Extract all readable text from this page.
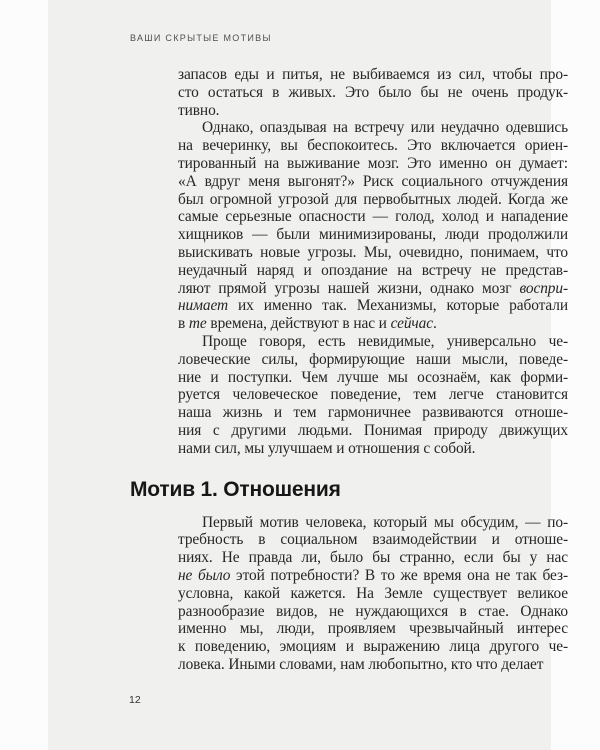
ВАШИ СКРЫТЫЕ МОТИВЫ
запасов еды и питья, не выбиваемся из сил, чтобы про-
сто остаться в живых. Это было бы не очень продук-
тивно.
Однако, опаздывая на встречу или неудачно одевшись
на вечеринку, вы беспокоитесь. Это включается ориен-
тированный на выживание мозг. Это именно он думает:
«А вдруг меня выгонят?» Риск социального отчуждения
был огромной угрозой для первобытных людей. Когда же
самые серьезные опасности — голод, холод и нападение
хищников — были минимизированы, люди продолжили
выискивать новые угрозы. Мы, очевидно, понимаем, что
неудачный наряд и опоздание на встречу не представ-
ляют прямой угрозы нашей жизни, однако мозг воспри-
нимает их именно так. Механизмы, которые работали
в те времена, действуют в нас и сейчас.
Проще говоря, есть невидимые, универсально че-
ловеческие силы, формирующие наши мысли, поведе-
ние и поступки. Чем лучше мы осознаём, как форми-
руется человеческое поведение, тем легче становится
наша жизнь и тем гармоничнее развиваются отноше-
ния с другими людьми. Понимая природу движущих
нами сил, мы улучшаем и отношения с собой.
Мотив 1. Отношения
Первый мотив человека, который мы обсудим, — по-
требность в социальном взаимодействии и отноше-
ниях. Не правда ли, было бы странно, если бы у нас
не было этой потребности? В то же время она не так без-
условна, какой кажется. На Земле существует великое
разнообразие видов, не нуждающихся в стае. Однако
именно мы, люди, проявляем чрезвычайный интерес
к поведению, эмоциям и выражению лица другого че-
ловека. Иными словами, нам любопытно, кто что делает
12
